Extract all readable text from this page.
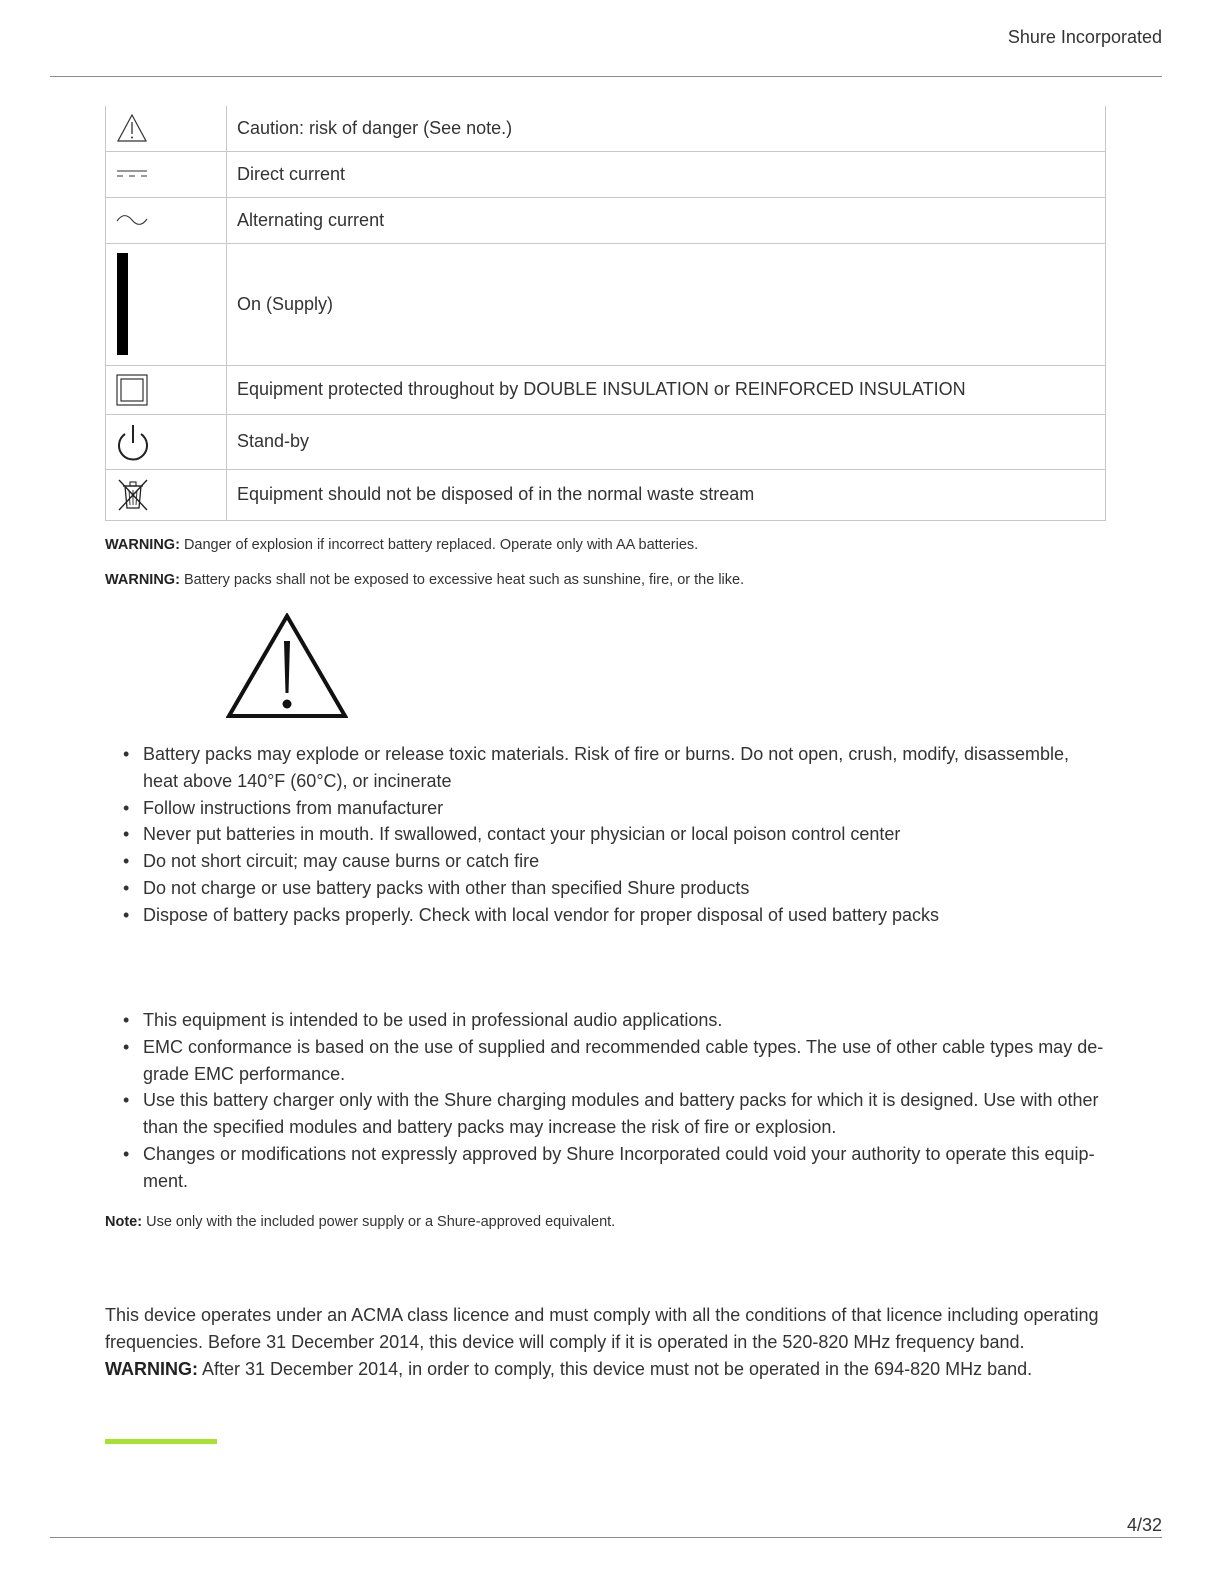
Shure Incorporated
	Caution: risk of danger (See note.)

	Direct current

	Alternating current

	On (Supply)

	Equipment protected throughout by DOUBLE INSULATION or REINFORCED INSULATION

	Stand-by

	Equipment should not be disposed of in the normal waste stream
WARNING: Danger of explosion if incorrect battery replaced. Operate only with AA batteries.
WARNING: Battery packs shall not be exposed to excessive heat such as sunshine, fire, or the like.
• Battery packs may explode or release toxic materials. Risk of fire or burns. Do not open, crush, modify, disassemble, heat above 140°F (60°C), or incinerate
• Follow instructions from manufacturer
• Never put batteries in mouth. If swallowed, contact your physician or local poison control center
• Do not short circuit; may cause burns or catch fire
• Do not charge or use battery packs with other than specified Shure products
• Dispose of battery packs properly. Check with local vendor for proper disposal of used battery packs
• This equipment is intended to be used in professional audio applications.
• EMC conformance is based on the use of supplied and recommended cable types. The use of other cable types may degrade EMC performance.
• Use this battery charger only with the Shure charging modules and battery packs for which it is designed. Use with other than the specified modules and battery packs may increase the risk of fire or explosion.
• Changes or modifications not expressly approved by Shure Incorporated could void your authority to operate this equipment.
Note: Use only with the included power supply or a Shure-approved equivalent.

This device operates under an ACMA class licence and must comply with all the conditions of that licence including operating frequencies. Before 31 December 2014, this device will comply if it is operated in the 520-820 MHz frequency band.
WARNING: After 31 December 2014, in order to comply, this device must not be operated in the 694-820 MHz band.

4/32
